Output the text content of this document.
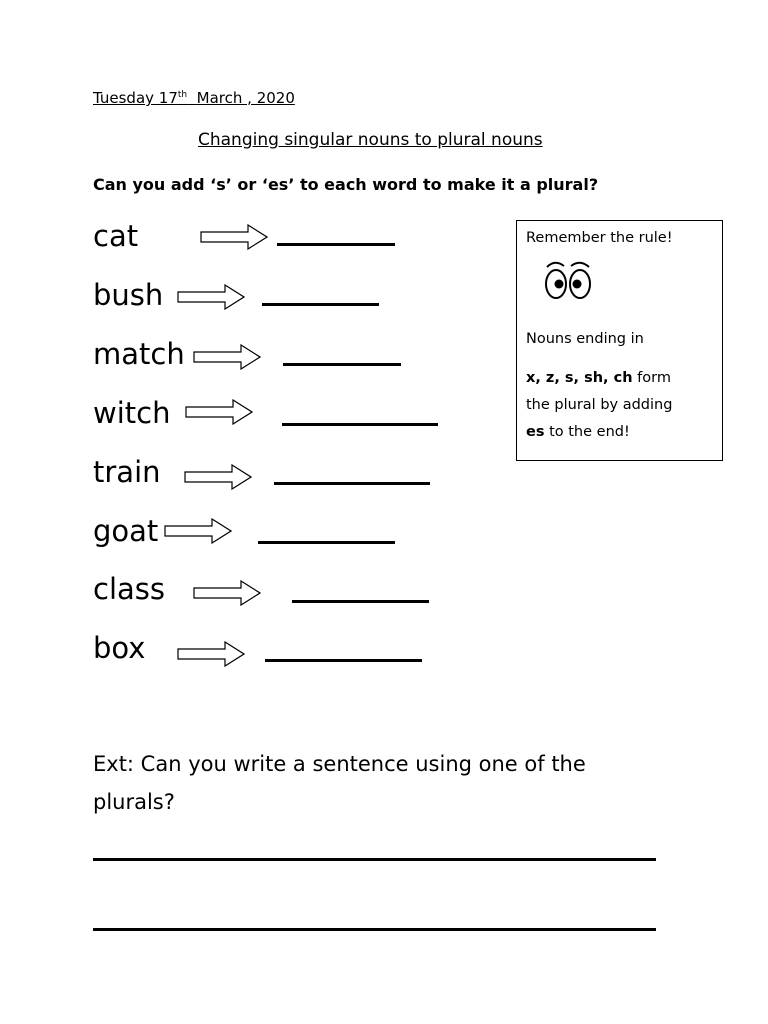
Tuesday 17th March , 2020
Changing singular nouns to plural nouns
Can you add ‘s’ or ‘es’ to each word to make it a plural?
cat
bush
match
witch
train
goat
class
box
Remember the rule!
Nouns ending in
x, z, s, sh, ch form
the plural by adding
es to the end!
Ext: Can you write a sentence using one of the plurals?
